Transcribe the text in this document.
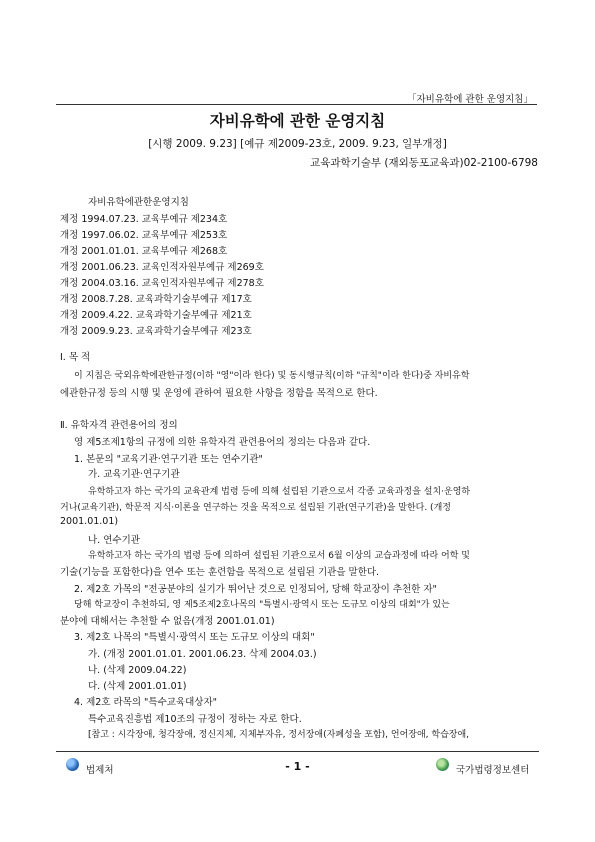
「자비유학에 관한 운영지침」
자비유학에 관한 운영지침
[시행 2009. 9.23] [예규 제2009-23호, 2009. 9.23, 일부개정]
교육과학기술부 (재외동포교육과)02-2100-6798
자비유학에관한운영지침
제정 1994.07.23. 교육부예규 제234호
개정 1997.06.02. 교육부예규 제253호
개정 2001.01.01. 교육부예규 제268호
개정 2001.06.23. 교육인적자원부예규 제269호
개정 2004.03.16. 교육인적자원부예규 제278호
개정 2008.7.28. 교육과학기술부예규 제17호
개정 2009.4.22. 교육과학기술부예규 제21호
개정 2009.9.23. 교육과학기술부예규 제23호
Ⅰ. 목 적
이 지침은 국외유학에관한규정(이하 "영"이라 한다) 및 동시행규칙(이하 "규칙"이라 한다)중 자비유학
에관한규정 등의 시행 및 운영에 관하여 필요한 사항을 정함을 목적으로 한다.
Ⅱ. 유학자격 관련용어의 정의
영 제5조제1항의 규정에 의한 유학자격 관련용어의 정의는 다음과 같다.
1. 본문의 "교육기관·연구기관 또는 연수기관"
가. 교육기관·연구기관
유학하고자 하는 국가의 교육관계 법령 등에 의해 설립된 기관으로서 각종 교육과정을 설치·운영하
거나(교육기관), 학문적 지식·이론을 연구하는 것을 목적으로 설립된 기관(연구기관)을 말한다. (개정
2001.01.01)
나. 연수기관
유학하고자 하는 국가의 법령 등에 의하여 설립된 기관으로서 6월 이상의 교습과정에 따라 어학 및
기술(기능을 포함한다)을 연수 또는 훈련함을 목적으로 설립된 기관을 말한다.
2. 제2호 가목의 "전공분야의 실기가 뛰어난 것으로 인정되어, 당해 학교장이 추천한 자"
당해 학교장이 추천하되, 영 제5조제2호나목의 "특별시·광역시 또는 도규모 이상의 대회"가 있는
분야에 대해서는 추천할 수 없음(개정 2001.01.01)
3. 제2호 나목의 "특별시·광역시 또는 도규모 이상의 대회"
가. (개정 2001.01.01. 2001.06.23. 삭제 2004.03.)
나. (삭제 2009.04.22)
다. (삭제 2001.01.01)
4. 제2호 라목의 "특수교육대상자"
특수교육진흥법 제10조의 규정이 정하는 자로 한다.
[참고 : 시각장애, 청각장애, 정신지체, 지체부자유, 정서장애(자폐성을 포함), 언어장애, 학습장애,
법제처	- 1 -	국가법령정보센터
